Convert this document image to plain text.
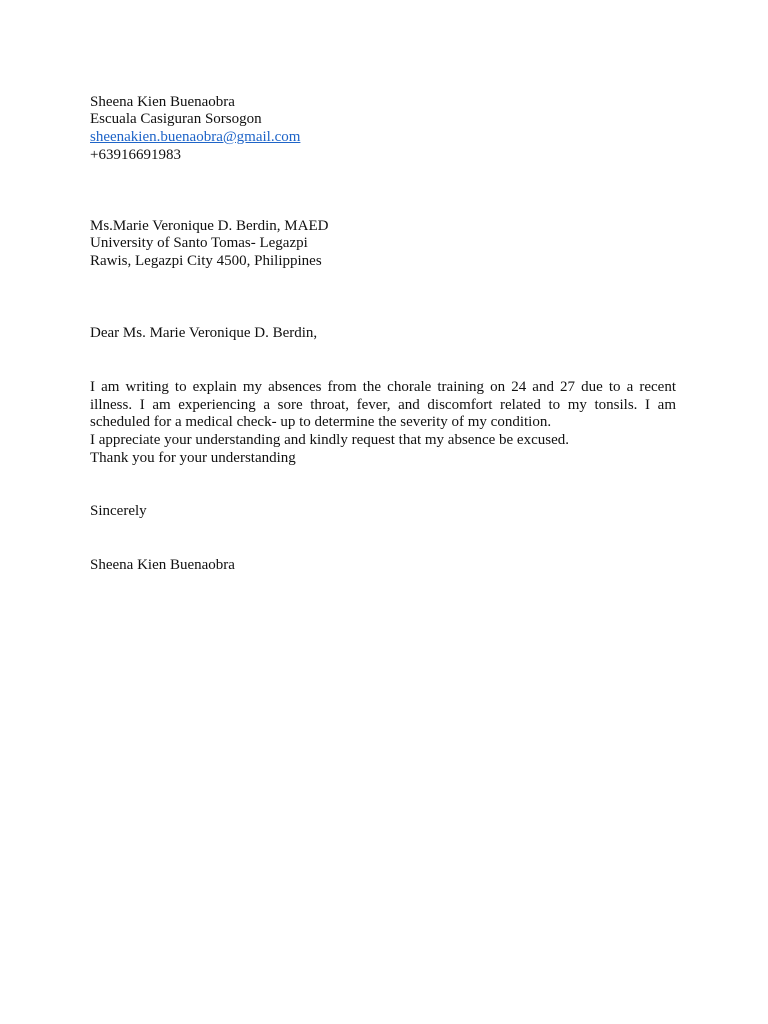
Sheena Kien Buenaobra
Escuala Casiguran Sorsogon
sheenakien.buenaobra@gmail.com
+63916691983
Ms.Marie Veronique D. Berdin, MAED
University of Santo Tomas- Legazpi
Rawis, Legazpi City 4500, Philippines
Dear Ms. Marie Veronique D. Berdin,
I am writing to explain my absences from the chorale training on 24 and 27 due to a recent illness. I am experiencing a sore throat, fever, and discomfort related to my tonsils. I am scheduled for a medical check- up to determine the severity of my condition.
I appreciate your understanding and kindly request that my absence be excused.
Thank you for your understanding
Sincerely
Sheena Kien Buenaobra
